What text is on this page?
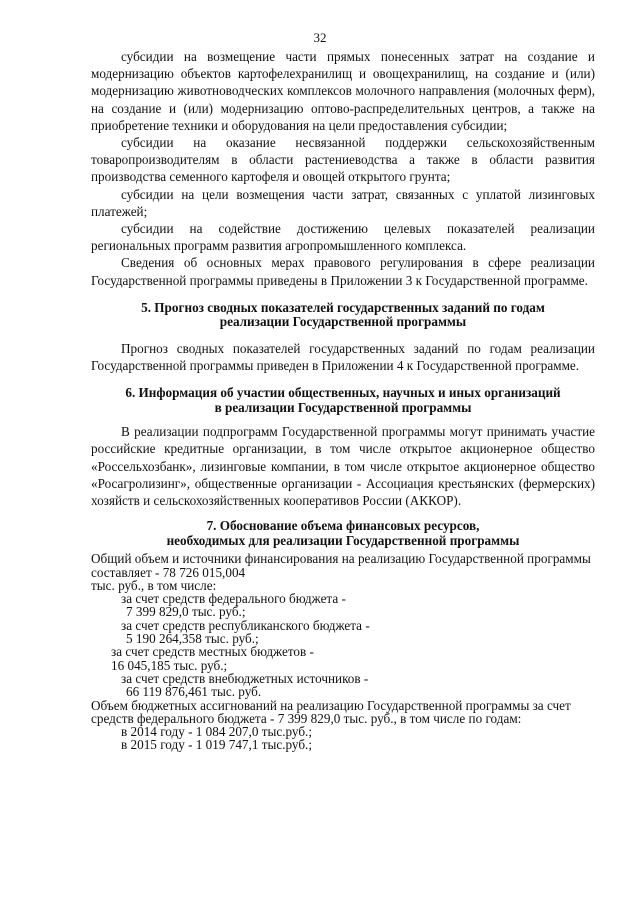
32

субсидии на возмещение части прямых понесенных затрат на создание и модернизацию объектов картофелехранилищ и овощехранилищ, на создание и (или) модернизацию животноводческих комплексов молочного направления (молочных ферм), на создание и (или) модернизацию оптово-распределительных центров, а также на приобретение техники и оборудования на цели предоставления субсидии;

субсидии на оказание несвязанной поддержки сельскохозяйственным товаропроизводителям в области растениеводства а также в области развития производства семенного картофеля и овощей открытого грунта;

субсидии на цели возмещения части затрат, связанных с уплатой лизинговых платежей;

субсидии на содействие достижению целевых показателей реализации региональных программ развития агропромышленного комплекса.

Сведения об основных мерах правового регулирования в сфере реализации Государственной программы приведены в Приложении 3 к Государственной программе.

5. Прогноз сводных показателей государственных заданий по годам

реализации Государственной программы

Прогноз сводных показателей государственных заданий по годам реализации Государственной программы приведен в Приложении 4 к Государственной программе.

6. Информация об участии общественных, научных и иных организаций

в реализации Государственной программы

В реализации подпрограмм Государственной программы могут принимать участие российские кредитные организации, в том числе открытое акционерное общество «Россельхозбанк», лизинговые компании, в том числе открытое акционерное общество «Росагролизинг», общественные организации - Ассоциация крестьянских (фермерских) хозяйств и сельскохозяйственных кооперативов России (АККОР).

7. Обоснование объема финансовых ресурсов,

необходимых для реализации Государственной программы

Общий объем и источники финансирования на реализацию Государственной программы составляет - 78 726 015,004

тыс. руб., в том числе:

за счет средств федерального бюджета -

7 399 829,0 тыс. руб.;

за счет средств республиканского бюджета -

5 190 264,358 тыс. руб.;

за счет средств местных бюджетов -

16 045,185 тыс. руб.;

за счет средств внебюджетных источников -

66 119 876,461 тыс. руб.

Объем бюджетных ассигнований на реализацию Государственной программы за счет средств федерального бюджета - 7 399 829,0 тыс. руб., в том числе по годам:

в 2014 году - 1 084 207,0 тыс.руб.;

в 2015 году - 1 019 747,1 тыс.руб.;
